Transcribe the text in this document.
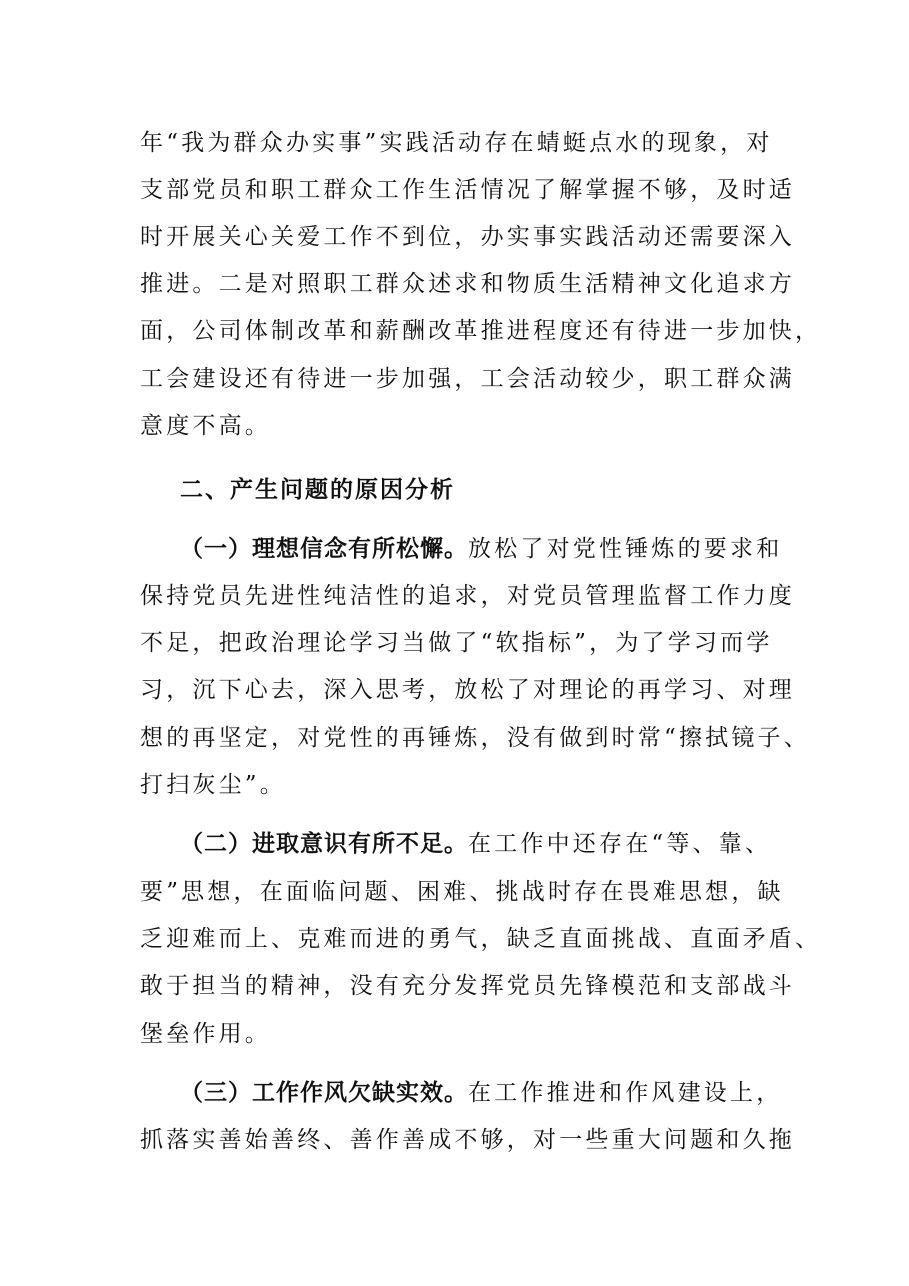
年“我为群众办实事”实践活动存在蜻蜓点水的现象，对
支部党员和职工群众工作生活情况了解掌握不够，及时适
时开展关心关爱工作不到位，办实事实践活动还需要深入
推进。二是对照职工群众述求和物质生活精神文化追求方
面，公司体制改革和薪酬改革推进程度还有待进一步加快，
工会建设还有待进一步加强，工会活动较少，职工群众满
意度不高。
二、产生问题的原因分析
（一）理想信念有所松懈。放松了对党性锤炼的要求和
保持党员先进性纯洁性的追求，对党员管理监督工作力度
不足，把政治理论学习当做了“软指标”，为了学习而学
习，沉下心去，深入思考，放松了对理论的再学习、对理
想的再坚定，对党性的再锤炼，没有做到时常“擦拭镜子、
打扫灰尘”。
（二）进取意识有所不足。在工作中还存在“等、靠、
要”思想，在面临问题、困难、挑战时存在畏难思想，缺
乏迎难而上、克难而进的勇气，缺乏直面挑战、直面矛盾、
敢于担当的精神，没有充分发挥党员先锋模范和支部战斗
堡垒作用。
（三）工作作风欠缺实效。在工作推进和作风建设上，
抓落实善始善终、善作善成不够，对一些重大问题和久拖
